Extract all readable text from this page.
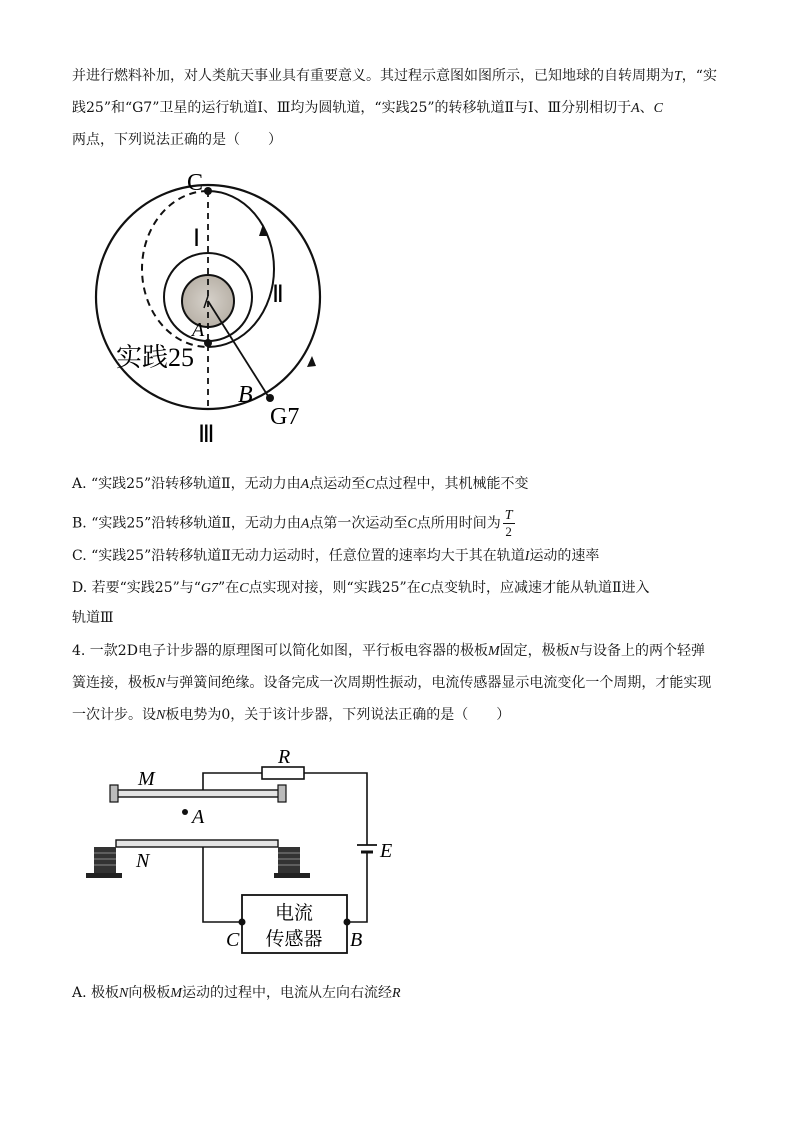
并进行燃料补加，对人类航天事业具有重要意义。其过程示意图如图所示，已知地球的自转周期为T，“实
践25”和“G7”卫星的运行轨道Ⅰ、Ⅲ均为圆轨道，“实践25”的转移轨道Ⅱ与Ⅰ、Ⅲ分别相切于A、C
两点，下列说法正确的是（　　）
C
Ⅰ
Ⅱ
A
实践25
B
G7
Ⅲ
A. “实践25”沿转移轨道Ⅱ，无动力由A点运动至C点过程中，其机械能不变
B. “实践25”沿转移轨道Ⅱ，无动力由A点第一次运动至C点所用时间为 $\frac{T}{2}$
C. “实践25”沿转移轨道Ⅱ无动力运动时，任意位置的速率均大于其在轨道I运动的速率
D. 若要“实践25”与“G7”在C点实现对接，则“实践25”在C点变轨时，应减速才能从轨道Ⅱ进入
轨道Ⅲ
4. 一款2D电子计步器的原理图可以简化如图，平行板电容器的极板M固定，极板N与设备上的两个轻弹
簧连接，极板N与弹簧间绝缘。设备完成一次周期性振动，电流传感器显示电流变化一个周期，才能实现
一次计步。设N板电势为0，关于该计步器，下列说法正确的是（　　）
R
M
A
N	E
电流
传感器
C	B
A. 极板N向极板M运动的过程中，电流从左向右流经R
